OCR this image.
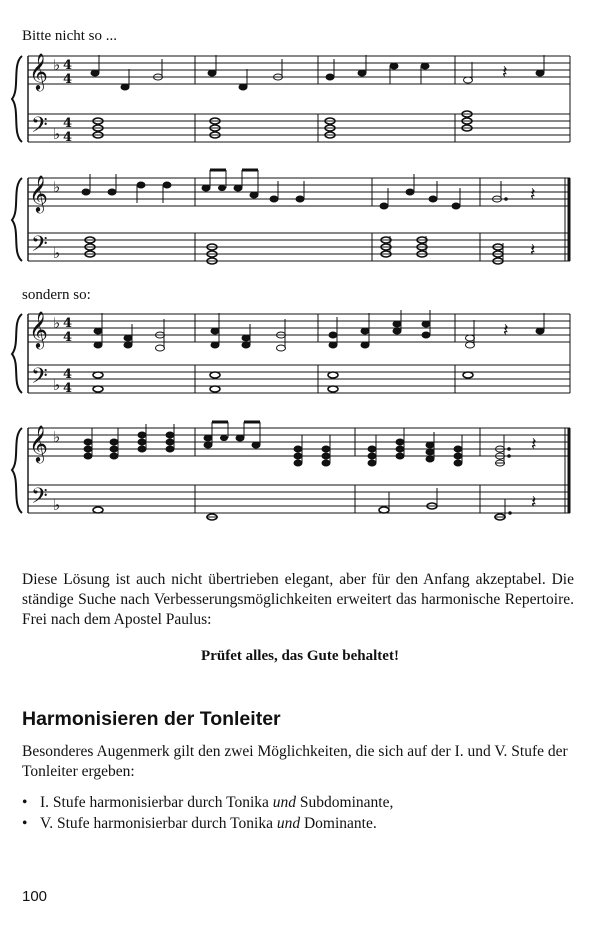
Bitte nicht so ...
𝄞
𝄢
♭
♭
4
4
4
4
𝄽
𝄞
𝄢
♭
♭
𝄽
𝄽
sondern so:
𝄞
𝄢
♭
♭
4
4
4
4
𝄽
𝄞
𝄢
♭
♭
𝄽
𝄽
Diese Lösung ist auch nicht übertrieben elegant, aber für den Anfang akzeptabel. Die ständige Suche nach Verbesserungsmöglichkeiten erweitert das harmonische Repertoire. Frei nach dem Apostel Paulus:
Prüfet alles, das Gute behaltet!
Harmonisieren der Tonleiter
Besonderes Augenmerk gilt den zwei Möglichkeiten, die sich auf der I. und V. Stufe der Tonleiter ergeben:
• I. Stufe harmonisierbar durch Tonika und Subdominante,
• V. Stufe harmonisierbar durch Tonika und Dominante.
100
